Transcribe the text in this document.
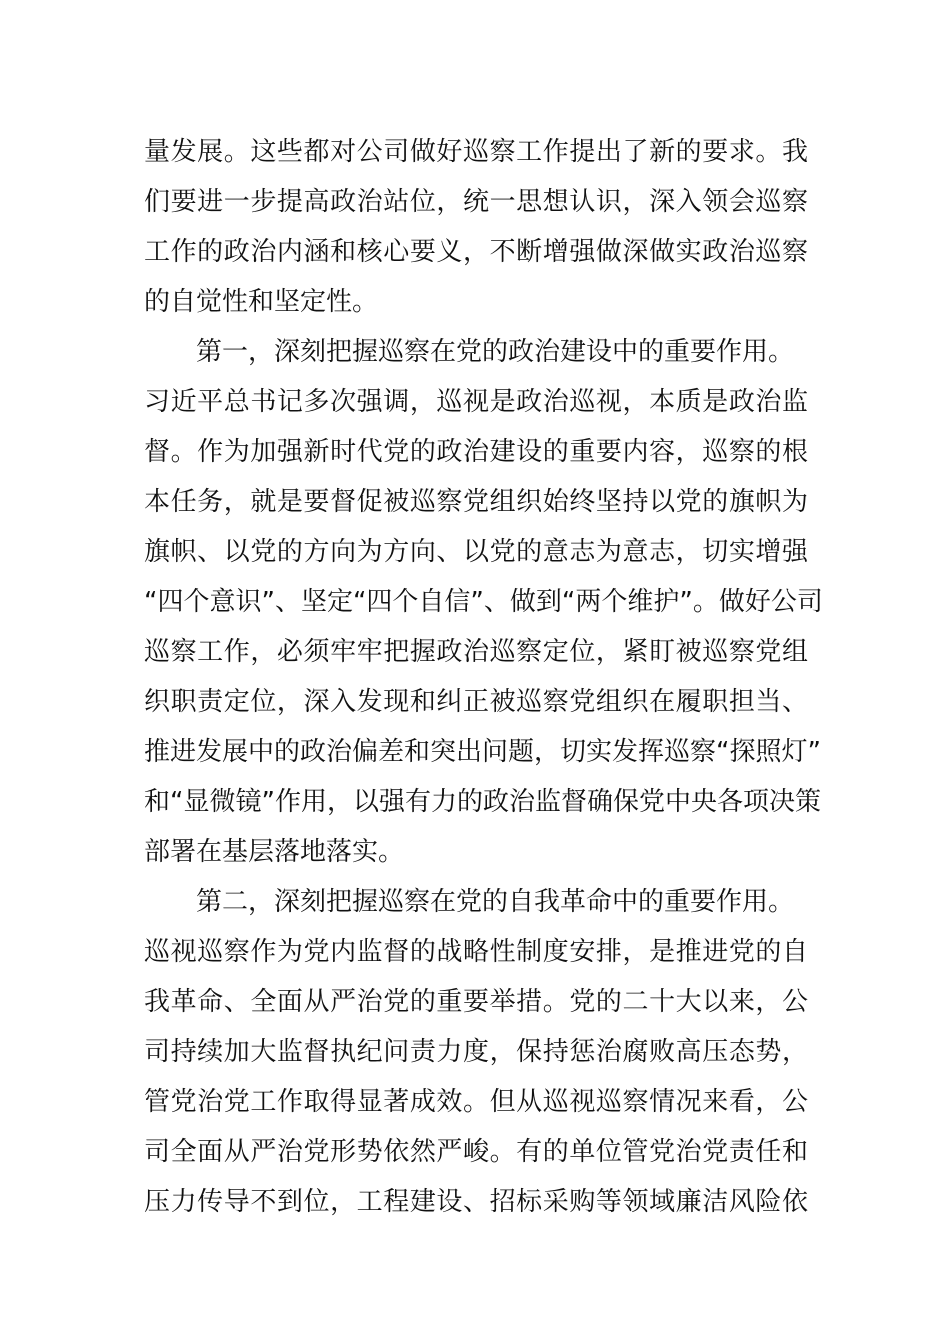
量发展。这些都对公司做好巡察工作提出了新的要求。我
们要进一步提高政治站位，统一思想认识，深入领会巡察
工作的政治内涵和核心要义，不断增强做深做实政治巡察
的自觉性和坚定性。
第一，深刻把握巡察在党的政治建设中的重要作用。
习近平总书记多次强调，巡视是政治巡视，本质是政治监
督。作为加强新时代党的政治建设的重要内容，巡察的根
本任务，就是要督促被巡察党组织始终坚持以党的旗帜为
旗帜、以党的方向为方向、以党的意志为意志，切实增强
“四个意识”、坚定“四个自信”、做到“两个维护”。做好公司
巡察工作，必须牢牢把握政治巡察定位，紧盯被巡察党组
织职责定位，深入发现和纠正被巡察党组织在履职担当、
推进发展中的政治偏差和突出问题，切实发挥巡察“探照灯”
和“显微镜”作用，以强有力的政治监督确保党中央各项决策
部署在基层落地落实。
第二，深刻把握巡察在党的自我革命中的重要作用。
巡视巡察作为党内监督的战略性制度安排，是推进党的自
我革命、全面从严治党的重要举措。党的二十大以来，公
司持续加大监督执纪问责力度，保持惩治腐败高压态势，
管党治党工作取得显著成效。但从巡视巡察情况来看，公
司全面从严治党形势依然严峻。有的单位管党治党责任和
压力传导不到位，工程建设、招标采购等领域廉洁风险依
